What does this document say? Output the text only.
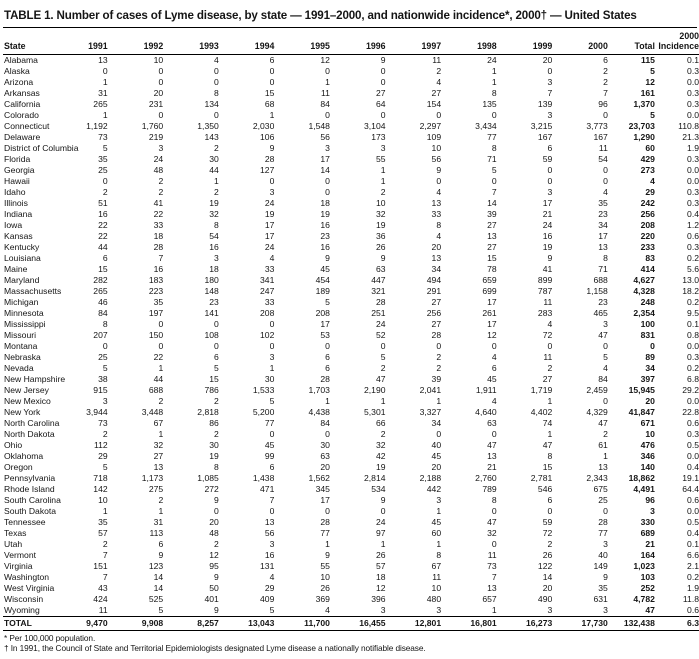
TABLE 1. Number of cases of Lyme disease, by state — 1991–2000, and nationwide incidence*, 2000† — United States
State	1991	1992	1993	1994	1995	1996	1997	1998	1999	2000	Total	2000
Incidence

Alabama	13	10	4	6	12	9	11	24	20	6	115	0.1
Alaska	0	0	0	0	0	0	2	1	0	2	5	0.3
Arizona	1	0	0	0	1	0	4	1	3	2	12	0.0
Arkansas	31	20	8	15	11	27	27	8	7	7	161	0.3
California	265	231	134	68	84	64	154	135	139	96	1,370	0.3
Colorado	1	0	0	1	0	0	0	0	3	0	5	0.0
Connecticut	1,192	1,760	1,350	2,030	1,548	3,104	2,297	3,434	3,215	3,773	23,703	110.8
Delaware	73	219	143	106	56	173	109	77	167	167	1,290	21.3
District of Columbia	5	3	2	9	3	3	10	8	6	11	60	1.9
Florida	35	24	30	28	17	55	56	71	59	54	429	0.3
Georgia	25	48	44	127	14	1	9	5	0	0	273	0.0
Hawaii	0	2	1	0	0	1	0	0	0	0	4	0.0
Idaho	2	2	2	3	0	2	4	7	3	4	29	0.3
Illinois	51	41	19	24	18	10	13	14	17	35	242	0.3
Indiana	16	22	32	19	19	32	33	39	21	23	256	0.4
Iowa	22	33	8	17	16	19	8	27	24	34	208	1.2
Kansas	22	18	54	17	23	36	4	13	16	17	220	0.6
Kentucky	44	28	16	24	16	26	20	27	19	13	233	0.3
Louisiana	6	7	3	4	9	9	13	15	9	8	83	0.2
Maine	15	16	18	33	45	63	34	78	41	71	414	5.6
Maryland	282	183	180	341	454	447	494	659	899	688	4,627	13.0
Massachusetts	265	223	148	247	189	321	291	699	787	1,158	4,328	18.2
Michigan	46	35	23	33	5	28	27	17	11	23	248	0.2
Minnesota	84	197	141	208	208	251	256	261	283	465	2,354	9.5
Mississippi	8	0	0	0	17	24	27	17	4	3	100	0.1
Missouri	207	150	108	102	53	52	28	12	72	47	831	0.8
Montana	0	0	0	0	0	0	0	0	0	0	0	0.0
Nebraska	25	22	6	3	6	5	2	4	11	5	89	0.3
Nevada	5	1	5	1	6	2	2	6	2	4	34	0.2
New Hampshire	38	44	15	30	28	47	39	45	27	84	397	6.8
New Jersey	915	688	786	1,533	1,703	2,190	2,041	1,911	1,719	2,459	15,945	29.2
New Mexico	3	2	2	5	1	1	1	4	1	0	20	0.0
New York	3,944	3,448	2,818	5,200	4,438	5,301	3,327	4,640	4,402	4,329	41,847	22.8
North Carolina	73	67	86	77	84	66	34	63	74	47	671	0.6
North Dakota	2	1	2	0	0	2	0	0	1	2	10	0.3
Ohio	112	32	30	45	30	32	40	47	47	61	476	0.5
Oklahoma	29	27	19	99	63	42	45	13	8	1	346	0.0
Oregon	5	13	8	6	20	19	20	21	15	13	140	0.4
Pennsylvania	718	1,173	1,085	1,438	1,562	2,814	2,188	2,760	2,781	2,343	18,862	19.1
Rhode Island	142	275	272	471	345	534	442	789	546	675	4,491	64.4
South Carolina	10	2	9	7	17	9	3	8	6	25	96	0.6
South Dakota	1	1	0	0	0	0	1	0	0	0	3	0.0
Tennessee	35	31	20	13	28	24	45	47	59	28	330	0.5
Texas	57	113	48	56	77	97	60	32	72	77	689	0.4
Utah	2	6	2	3	1	1	1	0	2	3	21	0.1
Vermont	7	9	12	16	9	26	8	11	26	40	164	6.6
Virginia	151	123	95	131	55	57	67	73	122	149	1,023	2.1
Washington	7	14	9	4	10	18	11	7	14	9	103	0.2
West Virginia	43	14	50	29	26	12	10	13	20	35	252	1.9
Wisconsin	424	525	401	409	369	396	480	657	490	631	4,782	11.8
Wyoming	11	5	9	5	4	3	3	1	3	3	47	0.6
TOTAL	9,470	9,908	8,257	13,043	11,700	16,455	12,801	16,801	16,273	17,730	132,438	6.3
* Per 100,000 population.
† In 1991, the Council of State and Territorial Epidemiologists designated Lyme disease a nationally notifiable disease.
